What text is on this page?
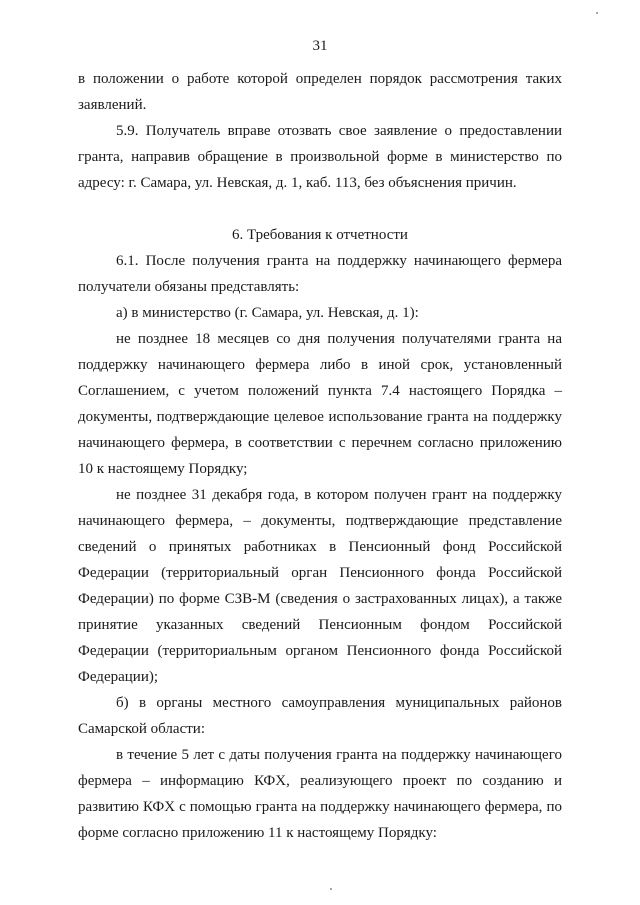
31

в положении о работе которой определен порядок рассмотрения таких заявлений.

5.9. Получатель вправе отозвать свое заявление о предоставлении гранта, направив обращение в произвольной форме в министерство по адресу: г. Самара, ул. Невская, д. 1, каб. 113, без объяснения причин.

6. Требования к отчетности

6.1. После получения гранта на поддержку начинающего фермера получатели обязаны представлять:

а) в министерство (г. Самара, ул. Невская, д. 1):

не позднее 18 месяцев со дня получения получателями гранта на поддержку начинающего фермера либо в иной срок, установленный Соглашением, с учетом положений пункта 7.4 настоящего Порядка – документы, подтверждающие целевое использование гранта на поддержку начинающего фермера, в соответствии с перечнем согласно приложению 10 к настоящему Порядку;

не позднее 31 декабря года, в котором получен грант на поддержку начинающего фермера, – документы, подтверждающие представление сведений о принятых работниках в Пенсионный фонд Российской Федерации (территориальный орган Пенсионного фонда Российской Федерации) по форме СЗВ-М (сведения о застрахованных лицах), а также принятие указанных сведений Пенсионным фондом Российской Федерации (территориальным органом Пенсионного фонда Российской Федерации);

б) в органы местного самоуправления муниципальных районов Самарской области:

в течение 5 лет с даты получения гранта на поддержку начинающего фермера – информацию КФХ, реализующего проект по созданию и развитию КФХ с помощью гранта на поддержку начинающего фермера, по форме согласно приложению 11 к настоящему Порядку:
